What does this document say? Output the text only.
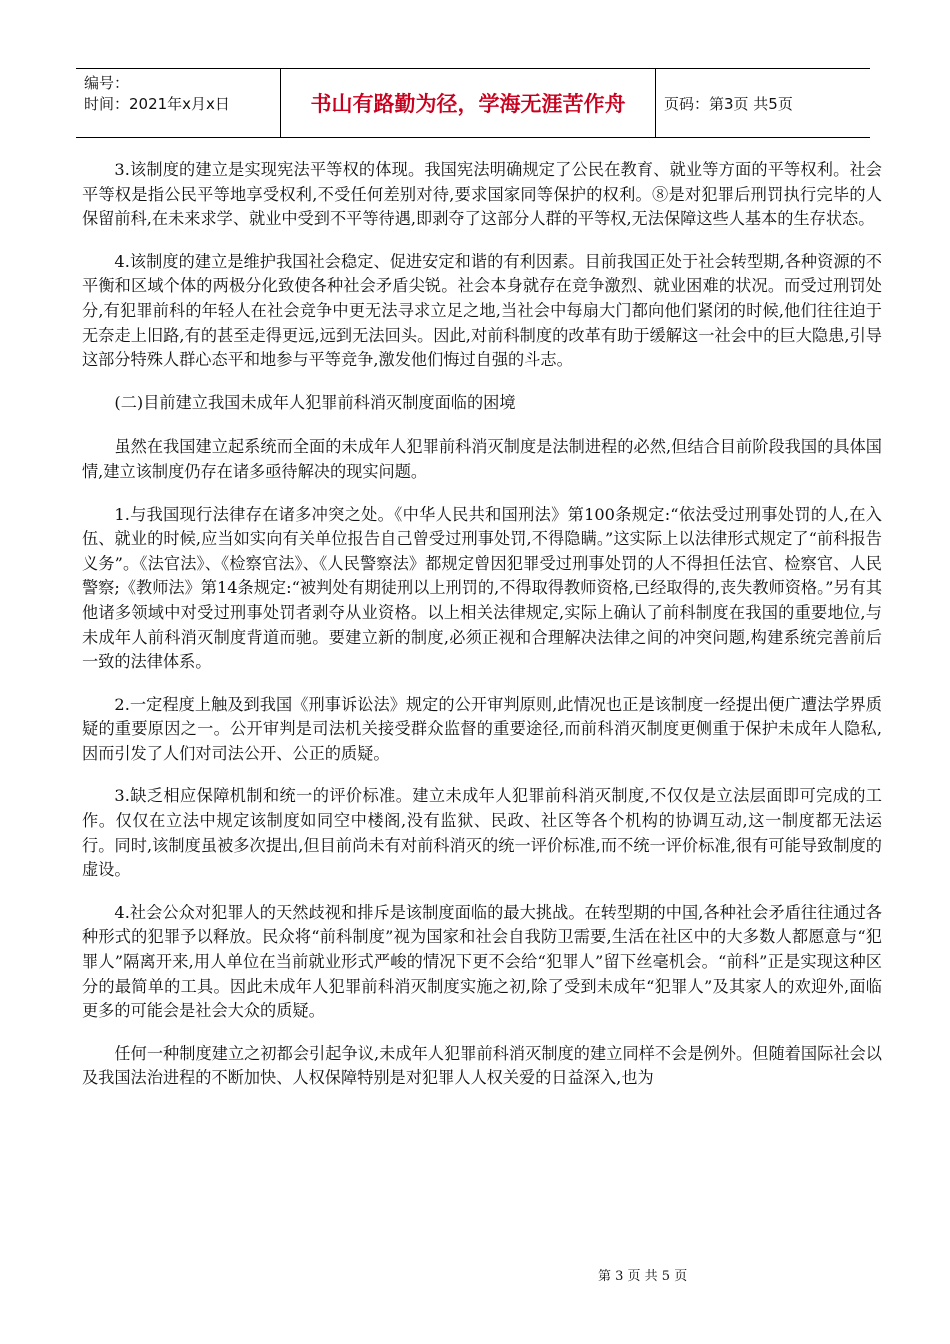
编号：
时间：2021年x月x日	书山有路勤为径，学海无涯苦作舟	页码：第3页 共5页

3.该制度的建立是实现宪法平等权的体现。我国宪法明确规定了公民在教育、就业等方面的平等权利。社会平等权是指公民平等地享受权利,不受任何差别对待,要求国家同等保护的权利。⑧是对犯罪后刑罚执行完毕的人保留前科,在未来求学、就业中受到不平等待遇,即剥夺了这部分人群的平等权,无法保障这些人基本的生存状态。

4.该制度的建立是维护我国社会稳定、促进安定和谐的有利因素。目前我国正处于社会转型期,各种资源的不平衡和区域个体的两极分化致使各种社会矛盾尖锐。社会本身就存在竞争激烈、就业困难的状况。而受过刑罚处分,有犯罪前科的年轻人在社会竞争中更无法寻求立足之地,当社会中每扇大门都向他们紧闭的时候,他们往往迫于无奈走上旧路,有的甚至走得更远,远到无法回头。因此,对前科制度的改革有助于缓解这一社会中的巨大隐患,引导这部分特殊人群心态平和地参与平等竞争,激发他们悔过自强的斗志。

(二)目前建立我国未成年人犯罪前科消灭制度面临的困境

虽然在我国建立起系统而全面的未成年人犯罪前科消灭制度是法制进程的必然,但结合目前阶段我国的具体国情,建立该制度仍存在诸多亟待解决的现实问题。

1.与我国现行法律存在诸多冲突之处。《中华人民共和国刑法》第100条规定:“依法受过刑事处罚的人,在入伍、就业的时候,应当如实向有关单位报告自己曾受过刑事处罚,不得隐瞒。”这实际上以法律形式规定了“前科报告义务”。《法官法》、《检察官法》、《人民警察法》都规定曾因犯罪受过刑事处罚的人不得担任法官、检察官、人民警察;《教师法》第14条规定:“被判处有期徒刑以上刑罚的,不得取得教师资格,已经取得的,丧失教师资格。”另有其他诸多领域中对受过刑事处罚者剥夺从业资格。以上相关法律规定,实际上确认了前科制度在我国的重要地位,与未成年人前科消灭制度背道而驰。要建立新的制度,必须正视和合理解决法律之间的冲突问题,构建系统完善前后一致的法律体系。

2.一定程度上触及到我国《刑事诉讼法》规定的公开审判原则,此情况也正是该制度一经提出便广遭法学界质疑的重要原因之一。公开审判是司法机关接受群众监督的重要途径,而前科消灭制度更侧重于保护未成年人隐私,因而引发了人们对司法公开、公正的质疑。

3.缺乏相应保障机制和统一的评价标准。建立未成年人犯罪前科消灭制度,不仅仅是立法层面即可完成的工作。仅仅在立法中规定该制度如同空中楼阁,没有监狱、民政、社区等各个机构的协调互动,这一制度都无法运行。同时,该制度虽被多次提出,但目前尚未有对前科消灭的统一评价标准,而不统一评价标准,很有可能导致制度的虚设。

4.社会公众对犯罪人的天然歧视和排斥是该制度面临的最大挑战。在转型期的中国,各种社会矛盾往往通过各种形式的犯罪予以释放。民众将“前科制度”视为国家和社会自我防卫需要,生活在社区中的大多数人都愿意与“犯罪人”隔离开来,用人单位在当前就业形式严峻的情况下更不会给“犯罪人”留下丝毫机会。“前科”正是实现这种区分的最简单的工具。因此未成年人犯罪前科消灭制度实施之初,除了受到未成年“犯罪人”及其家人的欢迎外,面临更多的可能会是社会大众的质疑。

任何一种制度建立之初都会引起争议,未成年人犯罪前科消灭制度的建立同样不会是例外。但随着国际社会以及我国法治进程的不断加快、人权保障特别是对犯罪人人权关爱的日益深入,也为

第 3 页 共 5 页
